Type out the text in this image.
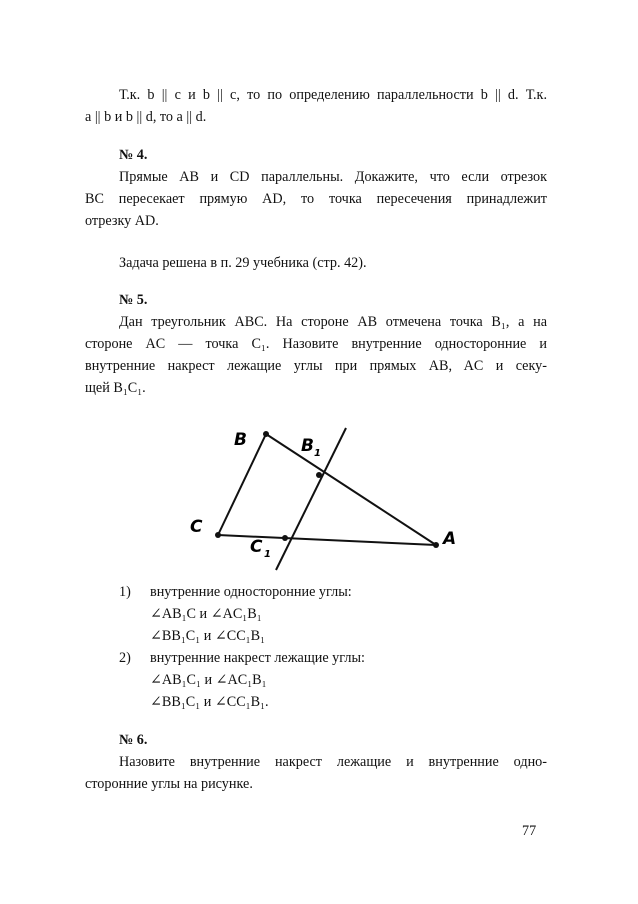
Т.к. b || c и b || c, то по определению параллельности b || d. Т.к.
a || b и b || d, то a || d.
№ 4.
Прямые AB и CD параллельны. Докажите, что если отрезок
BC пересекает прямую AD, то точка пересечения принадлежит
отрезку AD.
Задача решена в п. 29 учебника (стр. 42).
№ 5.
Дан треугольник ABC. На стороне AB отмечена точка B₁, а на
стороне AC — точка C₁. Назовите внутренние односторонние и
внутренние накрест лежащие углы при прямых AB, AC и секу-
щей B₁C₁.
B	B 1
C
C 1
A
1) внутренние односторонние углы:
∠AB₁C и ∠AC₁B₁
∠BB₁C₁ и ∠CC₁B₁
2) внутренние накрест лежащие углы:
∠AB₁C₁ и ∠AC₁B₁
∠BB₁C₁ и ∠CC₁B₁.
№ 6.
Назовите внутренние накрест лежащие и внутренние одно-
сторонние углы на рисунке.
77
